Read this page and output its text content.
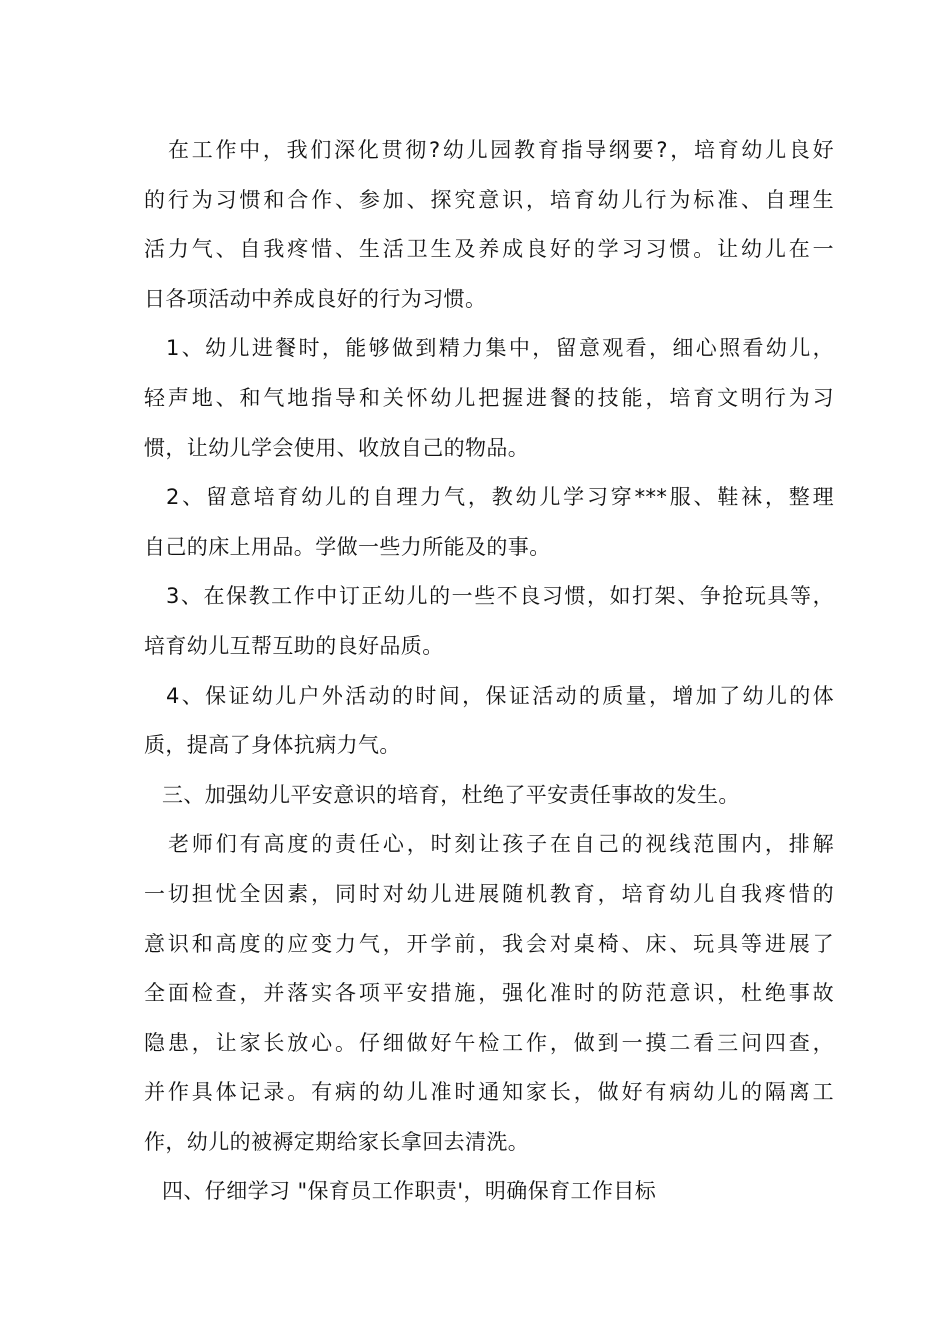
在工作中，我们深化贯彻?幼儿园教育指导纲要?，培育幼儿良好
的行为习惯和合作、参加、探究意识，培育幼儿行为标准、自理生
活力气、自我疼惜、生活卫生及养成良好的学习习惯。让幼儿在一
日各项活动中养成良好的行为习惯。
1、幼儿进餐时，能够做到精力集中，留意观看，细心照看幼儿，
轻声地、和气地指导和关怀幼儿把握进餐的技能，培育文明行为习
惯，让幼儿学会使用、收放自己的物品。
2、留意培育幼儿的自理力气，教幼儿学习穿***服、鞋袜，整理
自己的床上用品。学做一些力所能及的事。
3、在保教工作中订正幼儿的一些不良习惯，如打架、争抢玩具等，
培育幼儿互帮互助的良好品质。
4、保证幼儿户外活动的时间，保证活动的质量，增加了幼儿的体
质，提高了身体抗病力气。
三、加强幼儿平安意识的培育，杜绝了平安责任事故的发生。
老师们有高度的责任心，时刻让孩子在自己的视线范围内，排解
一切担忧全因素，同时对幼儿进展随机教育，培育幼儿自我疼惜的
意识和高度的应变力气，开学前，我会对桌椅、床、玩具等进展了
全面检查，并落实各项平安措施，强化准时的防范意识，杜绝事故
隐患，让家长放心。仔细做好午检工作，做到一摸二看三问四查，
并作具体记录。有病的幼儿准时通知家长，做好有病幼儿的隔离工
作，幼儿的被褥定期给家长拿回去清洗。
四、仔细学习 "保育员工作职责'，明确保育工作目标
